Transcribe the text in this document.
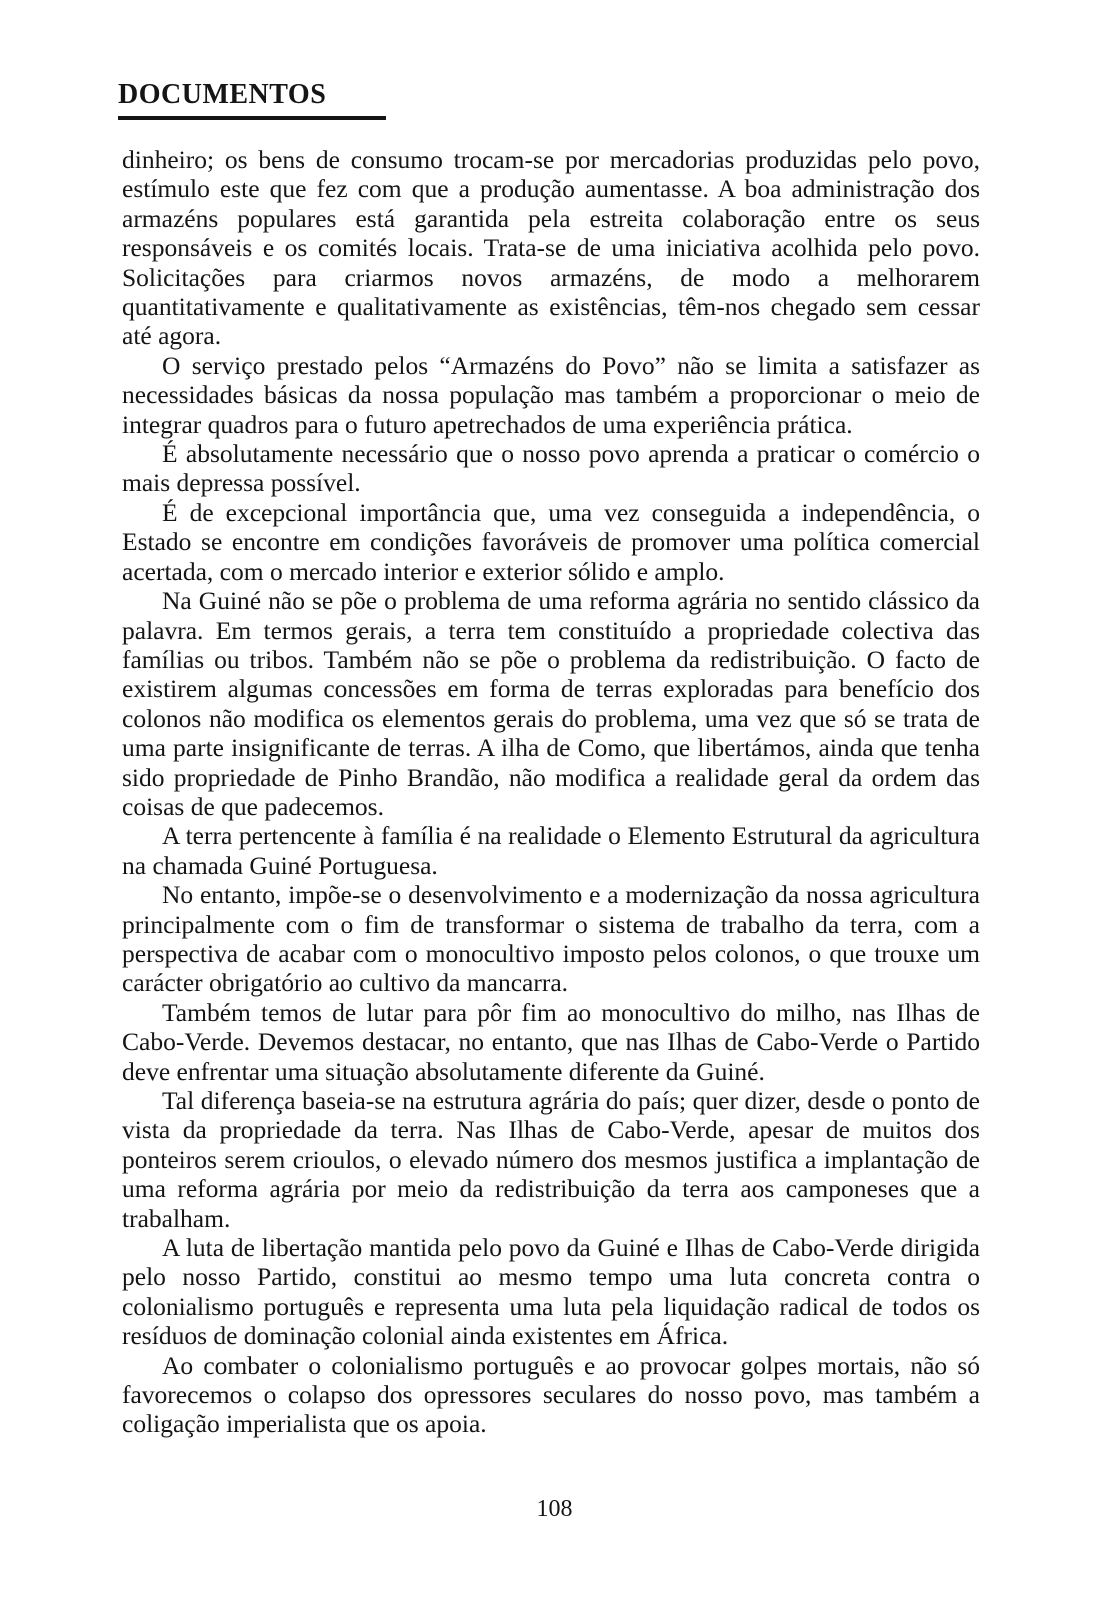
DOCUMENTOS

dinheiro; os bens de consumo trocam-se por mercadorias produzidas pelo povo, estímulo este que fez com que a produção aumentasse. A boa administração dos armazéns populares está garantida pela estreita colaboração entre os seus responsáveis e os comités locais. Trata-se de uma iniciativa acolhida pelo povo. Solicitações para criarmos novos armazéns, de modo a melhorarem quantitativamente e qualitativamente as existências, têm-nos chegado sem cessar até agora.

O serviço prestado pelos “Armazéns do Povo” não se limita a satisfazer as necessidades básicas da nossa população mas também a proporcionar o meio de integrar quadros para o futuro apetrechados de uma experiência prática.

É absolutamente necessário que o nosso povo aprenda a praticar o comércio o mais depressa possível.

É de excepcional importância que, uma vez conseguida a independência, o Estado se encontre em condições favoráveis de promover uma política comercial acertada, com o mercado interior e exterior sólido e amplo.

Na Guiné não se põe o problema de uma reforma agrária no sentido clássico da palavra. Em termos gerais, a terra tem constituído a propriedade colectiva das famílias ou tribos. Também não se põe o problema da redistribuição. O facto de existirem algumas concessões em forma de terras exploradas para benefício dos colonos não modifica os elementos gerais do problema, uma vez que só se trata de uma parte insignificante de terras. A ilha de Como, que libertámos, ainda que tenha sido propriedade de Pinho Brandão, não modifica a realidade geral da ordem das coisas de que padecemos.

A terra pertencente à família é na realidade o Elemento Estrutural da agricultura na chamada Guiné Portuguesa.

No entanto, impõe-se o desenvolvimento e a modernização da nossa agricultura principalmente com o fim de transformar o sistema de trabalho da terra, com a perspectiva de acabar com o monocultivo imposto pelos colonos, o que trouxe um carácter obrigatório ao cultivo da mancarra.

Também temos de lutar para pôr fim ao monocultivo do milho, nas Ilhas de Cabo-Verde. Devemos destacar, no entanto, que nas Ilhas de Cabo-Verde o Partido deve enfrentar uma situação absolutamente diferente da Guiné.

Tal diferença baseia-se na estrutura agrária do país; quer dizer, desde o ponto de vista da propriedade da terra. Nas Ilhas de Cabo-Verde, apesar de muitos dos ponteiros serem crioulos, o elevado número dos mesmos justifica a implantação de uma reforma agrária por meio da redistribuição da terra aos camponeses que a trabalham.

A luta de libertação mantida pelo povo da Guiné e Ilhas de Cabo-Verde dirigida pelo nosso Partido, constitui ao mesmo tempo uma luta concreta contra o colonialismo português e representa uma luta pela liquidação radical de todos os resíduos de dominação colonial ainda existentes em África.

Ao combater o colonialismo português e ao provocar golpes mortais, não só favorecemos o colapso dos opressores seculares do nosso povo, mas também a coligação imperialista que os apoia.

108
